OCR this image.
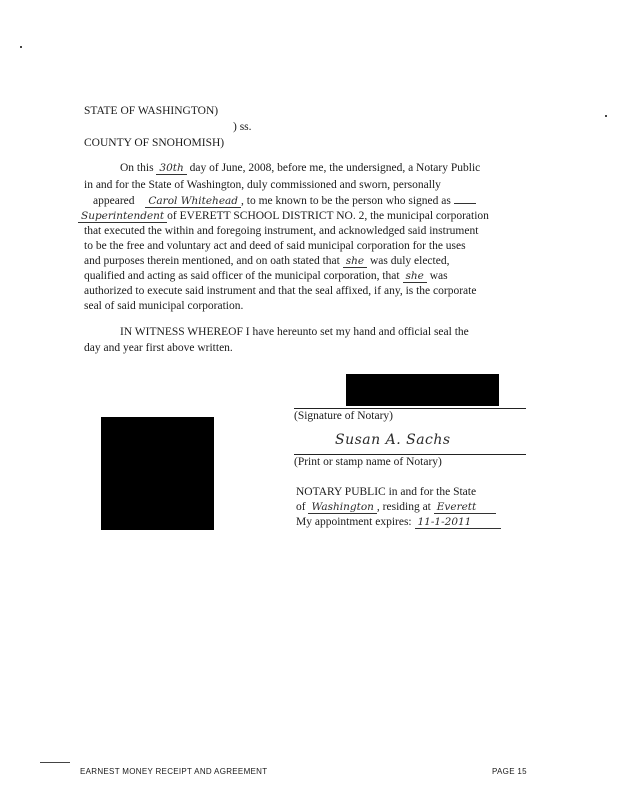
STATE OF WASHINGTON)
) ss.
COUNTY OF SNOHOMISH)
On this 30th day of June, 2008, before me, the undersigned, a Notary Public
in and for the State of Washington, duly commissioned and sworn, personally
appeared Carol Whitehead , to me known to be the person who signed as
Superintendent of EVERETT SCHOOL DISTRICT NO. 2, the municipal corporation
that executed the within and foregoing instrument, and acknowledged said instrument
to be the free and voluntary act and deed of said municipal corporation for the uses
and purposes therein mentioned, and on oath stated that she was duly elected,
qualified and acting as said officer of the municipal corporation, that she was
authorized to execute said instrument and that the seal affixed, if any, is the corporate
seal of said municipal corporation.
IN WITNESS WHEREOF I have hereunto set my hand and official seal the
day and year first above written.
(Signature of Notary)
Susan A. Sachs
(Print or stamp name of Notary)
NOTARY PUBLIC in and for the State
of Washington , residing at Everett
My appointment expires: 11-1-2011
EARNEST MONEY RECEIPT AND AGREEMENT	PAGE 15
